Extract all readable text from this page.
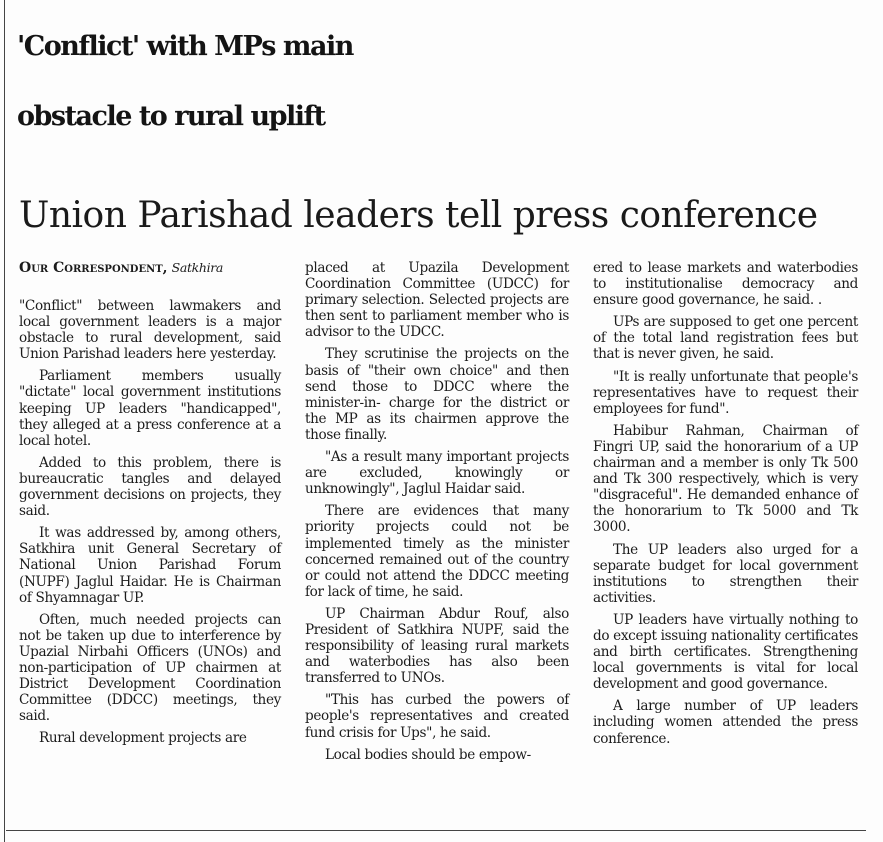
'Conflict' with MPs main
obstacle to rural uplift
Union Parishad leaders tell press conference
Our Correspondent, Satkhira

"Conflict" between lawmakers and local government leaders is a major obstacle to rural development, said Union Parishad leaders here yesterday.

Parliament members usually "dictate" local government institutions keeping UP leaders "handicapped", they alleged at a press conference at a local hotel.

Added to this problem, there is bureaucratic tangles and delayed government decisions on projects, they said.

It was addressed by, among others, Satkhira unit General Secretary of National Union Parishad Forum (NUPF) Jaglul Haidar. He is Chairman of Shyamnagar UP.

Often, much needed projects can not be taken up due to interference by Upazial Nirbahi Officers (UNOs) and non-participation of UP chairmen at District Development Coordination Committee (DDCC) meetings, they said.

Rural development projects are

placed at Upazila Development Coordination Committee (UDCC) for primary selection. Selected projects are then sent to parliament member who is advisor to the UDCC.

They scrutinise the projects on the basis of "their own choice" and then send those to DDCC where the minister-in- charge for the district or the MP as its chairmen approve the those finally.

"As a result many important projects are excluded, knowingly or unknowingly", Jaglul Haidar said.

There are evidences that many priority projects could not be implemented timely as the minister concerned remained out of the country or could not attend the DDCC meeting for lack of time, he said.

UP Chairman Abdur Rouf, also President of Satkhira NUPF, said the responsibility of leasing rural markets and waterbodies has also been transferred to UNOs.

"This has curbed the powers of people's representatives and created fund crisis for Ups", he said.

Local bodies should be empow-

ered to lease markets and waterbodies to institutionalise democracy and ensure good governance, he said. .

UPs are supposed to get one percent of the total land registration fees but that is never given, he said.

"It is really unfortunate that people's representatives have to request their employees for fund".

Habibur Rahman, Chairman of Fingri UP, said the honorarium of a UP chairman and a member is only Tk 500 and Tk 300 respectively, which is very "disgraceful". He demanded enhance of the honorarium to Tk 5000 and Tk 3000.

The UP leaders also urged for a separate budget for local government institutions to strengthen their activities.

UP leaders have virtually nothing to do except issuing nationality certificates and birth certificates. Strengthening local governments is vital for local development and good governance.

A large number of UP leaders including women attended the press conference.
